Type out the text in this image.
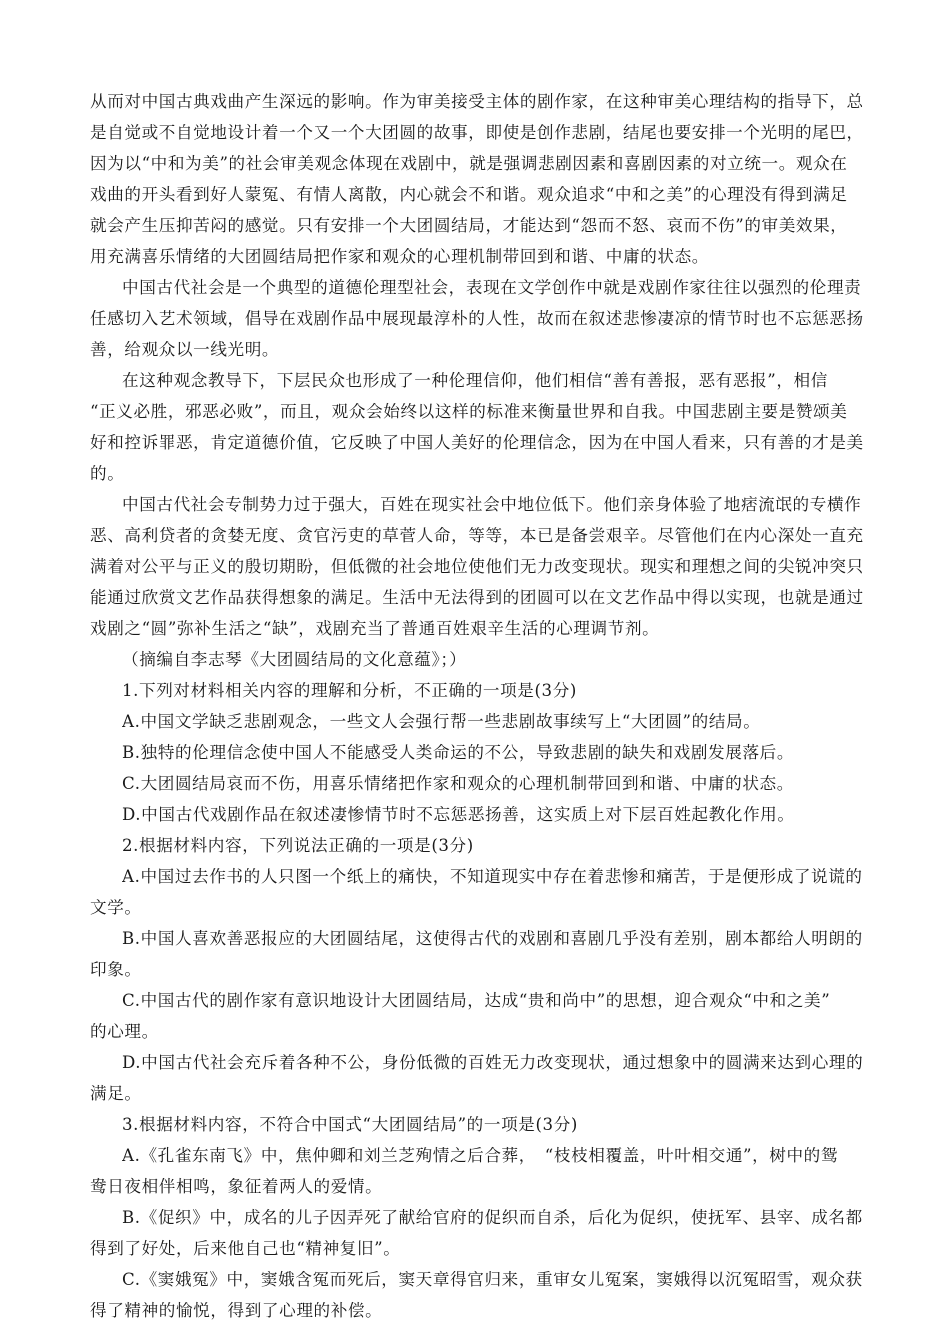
从而对中国古典戏曲产生深远的影响。作为审美接受主体的剧作家，在这种审美心理结构的指导下，总
是自觉或不自觉地设计着一个又一个大团圆的故事，即使是创作悲剧，结尾也要安排一个光明的尾巴，
因为以“中和为美”的社会审美观念体现在戏剧中，就是强调悲剧因素和喜剧因素的对立统一。观众在
戏曲的开头看到好人蒙冤、有情人离散，内心就会不和谐。观众追求“中和之美”的心理没有得到满足
就会产生压抑苦闷的感觉。只有安排一个大团圆结局，才能达到“怨而不怒、哀而不伤”的审美效果，
用充满喜乐情绪的大团圆结局把作家和观众的心理机制带回到和谐、中庸的状态。
中国古代社会是一个典型的道德伦理型社会，表现在文学创作中就是戏剧作家往往以强烈的伦理责
任感切入艺术领域，倡导在戏剧作品中展现最淳朴的人性，故而在叙述悲惨凄凉的情节时也不忘惩恶扬
善，给观众以一线光明。
在这种观念教导下，下层民众也形成了一种伦理信仰，他们相信“善有善报，恶有恶报”，相信
“正义必胜，邪恶必败”，而且，观众会始终以这样的标准来衡量世界和自我。中国悲剧主要是赞颂美
好和控诉罪恶，肯定道德价值，它反映了中国人美好的伦理信念，因为在中国人看来，只有善的才是美
的。
中国古代社会专制势力过于强大，百姓在现实社会中地位低下。他们亲身体验了地痞流氓的专横作
恶、高利贷者的贪婪无度、贪官污吏的草菅人命，等等，本已是备尝艰辛。尽管他们在内心深处一直充
满着对公平与正义的殷切期盼，但低微的社会地位使他们无力改变现状。现实和理想之间的尖锐冲突只
能通过欣赏文艺作品获得想象的满足。生活中无法得到的团圆可以在文艺作品中得以实现，也就是通过
戏剧之“圆”弥补生活之“缺”，戏剧充当了普通百姓艰辛生活的心理调节剂。
（摘编自李志琴《大团圆结局的文化意蕴》；）
1.下列对材料相关内容的理解和分析，不正确的一项是(3分)
A.中国文学缺乏悲剧观念，一些文人会强行帮一些悲剧故事续写上“大团圆”的结局。
B.独特的伦理信念使中国人不能感受人类命运的不公，导致悲剧的缺失和戏剧发展落后。
C.大团圆结局哀而不伤，用喜乐情绪把作家和观众的心理机制带回到和谐、中庸的状态。
D.中国古代戏剧作品在叙述凄惨情节时不忘惩恶扬善，这实质上对下层百姓起教化作用。
2.根据材料内容，下列说法正确的一项是(3分)
A.中国过去作书的人只图一个纸上的痛快，不知道现实中存在着悲惨和痛苦，于是便形成了说谎的
文学。
B.中国人喜欢善恶报应的大团圆结尾，这使得古代的戏剧和喜剧几乎没有差别，剧本都给人明朗的
印象。
C.中国古代的剧作家有意识地设计大团圆结局，达成“贵和尚中”的思想，迎合观众“中和之美”
的心理。
D.中国古代社会充斥着各种不公，身份低微的百姓无力改变现状，通过想象中的圆满来达到心理的
满足。
3.根据材料内容，不符合中国式“大团圆结局”的一项是(3分)
A.《孔雀东南飞》中，焦仲卿和刘兰芝殉情之后合葬，　“枝枝相覆盖，叶叶相交通”，树中的鸳
鸯日夜相伴相鸣，象征着两人的爱情。
B.《促织》中，成名的儿子因弄死了献给官府的促织而自杀，后化为促织，使抚军、县宰、成名都
得到了好处，后来他自己也“精神复旧”。
C.《窦娥冤》中，窦娥含冤而死后，窦天章得官归来，重审女儿冤案，窦娥得以沉冤昭雪，观众获
得了精神的愉悦，得到了心理的补偿。
